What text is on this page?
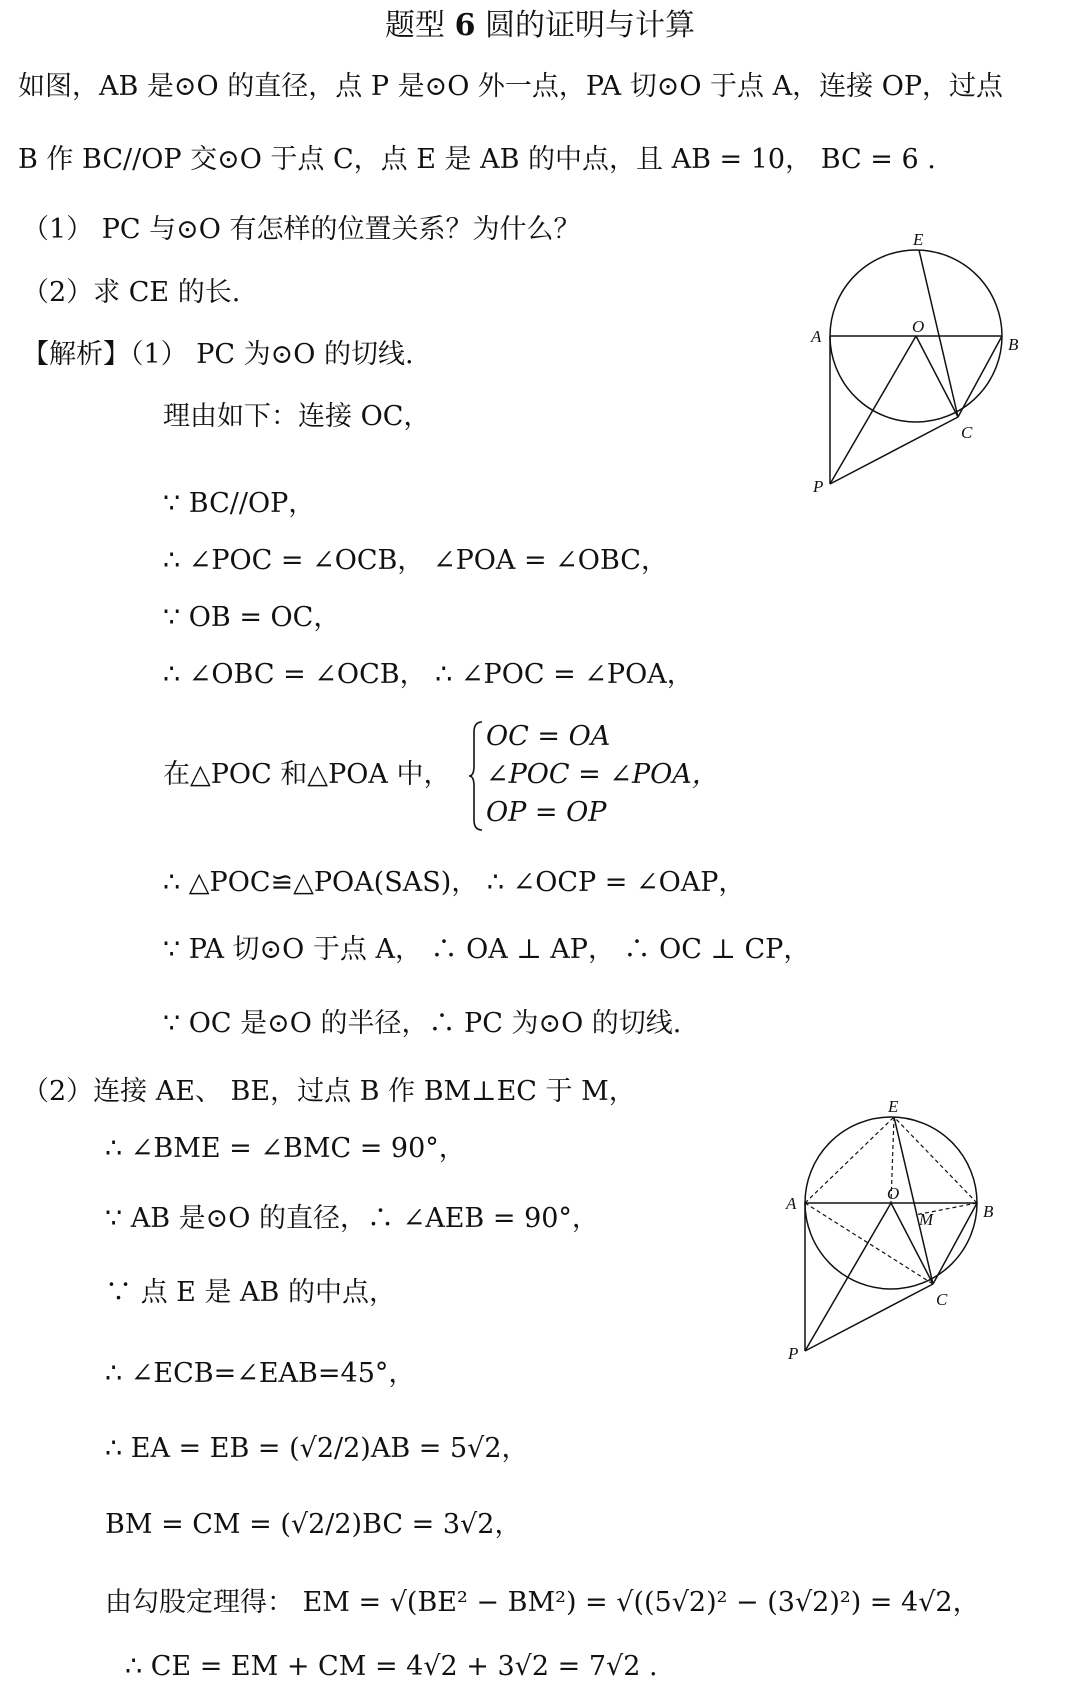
题型 6 圆的证明与计算
如图，AB 是⊙O 的直径，点 P 是⊙O 外一点，PA 切⊙O 于点 A，连接 OP，过点
B 作 BC//OP 交⊙O 于点 C，点 E 是 AB 的中点，且 AB = 10， BC = 6 .
（1） PC 与⊙O 有怎样的位置关系？为什么？
（2）求 CE 的长.
【解析】（1） PC 为⊙O 的切线.
理由如下：连接 OC，
∵ BC//OP，
∴ ∠POC = ∠OCB， ∠POA = ∠OBC，
∵ OB = OC，
∴ ∠OBC = ∠OCB， ∴ ∠POC = ∠POA，
在△POC 和△POA 中，
OC = OA
∠POC = ∠POA，
OP = OP
∴ △POC≌△POA(SAS)， ∴ ∠OCP = ∠OAP，
∵ PA 切⊙O 于点 A， ∴ OA ⊥ AP， ∴ OC ⊥ CP，
∵ OC 是⊙O 的半径，∴ PC 为⊙O 的切线.
（2）连接 AE、 BE，过点 B 作 BM⊥EC 于 M，
∴ ∠BME = ∠BMC = 90°，
∵ AB 是⊙O 的直径，∴ ∠AEB = 90°，
∵ 点 E 是 AB 的中点，
∴ ∠ECB=∠EAB=45°，
∴ EA = EB = (√2/2)AB = 5√2，
BM = CM = (√2/2)BC = 3√2，
由勾股定理得： EM = √(BE² − BM²) = √((5√2)² − (3√2)²) = 4√2，
∴ CE = EM + CM = 4√2 + 3√2 = 7√2 .
E
O
A	B
C
P
E
O
A	B
M
C
P
